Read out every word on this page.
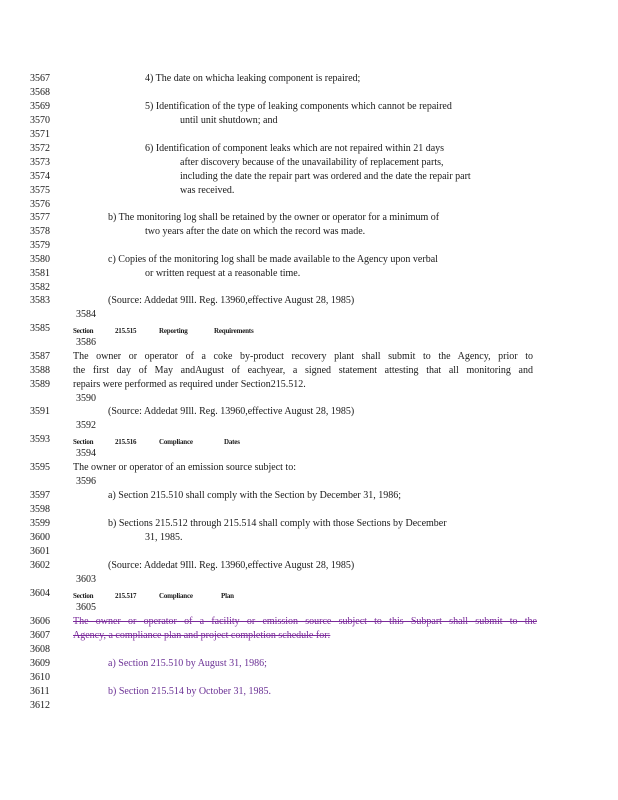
3567
3568
3569
3570
3571
3572
3573
3574
3575
3576
3577
3578
3579
3580
3581
3582
3583
3584
3585
3586
3587
3588
3589
3590
3591
3592
3593
3594
3595
3596
3597
3598
3599
3600
3601
3602
3603
3604
3605
3606
3607
3608
3609
3610
3611
3612
4) The date on whicha leaking component is repaired;
5) Identification of the type of leaking components which cannot be repaired
until unit shutdown; and
6) Identification of component leaks which are not repaired within 21 days
after discovery because of the unavailability of replacement parts,
including the date the repair part was ordered and the date the repair part
was received.
b) The monitoring log shall be retained by the owner or operator for a minimum of
two years after the date on which the record was made.
c) Copies of the monitoring log shall be made available to the Agency upon verbal
or written request at a reasonable time.
(Source: Addedat 9Ill. Reg. 13960,effective August 28, 1985)
Section	215.515	Reporting	Requirements
The owner or operator of a coke by-product recovery plant shall submit to the Agency, prior to
the first day of May andAugust of eachyear, a signed statement attesting that all monitoring and
repairs were performed as required under Section215.512.
(Source: Addedat 9Ill. Reg. 13960,effective August 28, 1985)
Section	215.516	Compliance	Dates
The owner or operator of an emission source subject to:
a) Section 215.510 shall comply with the Section by December 31, 1986;
b) Sections 215.512 through 215.514 shall comply with those Sections by December
31, 1985.
(Source: Addedat 9Ill. Reg. 13960,effective August 28, 1985)
Section	215.517	Compliance	Plan
The owner or operator of a facility or emission source subject to this Subpart shall submit to the
Agency, a compliance plan and project completion schedule for:
a) Section 215.510 by August 31, 1986;
b) Section 215.514 by October 31, 1985.
